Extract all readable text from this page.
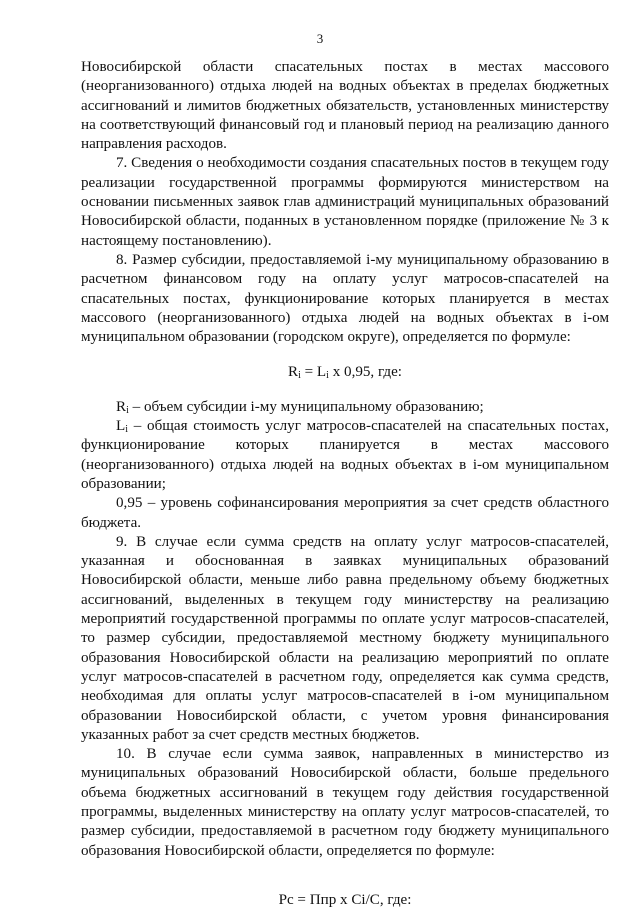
3

Новосибирской области спасательных постах в местах массового (неорганизованного) отдыха людей на водных объектах в пределах бюджетных ассигнований и лимитов бюджетных обязательств, установленных министерству на соответствующий финансовый год и плановый период на реализацию данного направления расходов.

7. Сведения о необходимости создания спасательных постов в текущем году реализации государственной программы формируются министерством на основании письменных заявок глав администраций муниципальных образований Новосибирской области, поданных в установленном порядке (приложение № 3 к настоящему постановлению).

8. Размер субсидии, предоставляемой i-му муниципальному образованию в расчетном финансовом году на оплату услуг матросов-спасателей на спасательных постах, функционирование которых планируется в местах массового (неорганизованного) отдыха людей на водных объектах в i-ом муниципальном образовании (городском округе), определяется по формуле:

$R_i = L_i$ x 0,95, где:

$R_i$ – объем субсидии i-му муниципальному образованию;

$L_i$ – общая стоимость услуг матросов-спасателей на спасательных постах, функционирование которых планируется в местах массового (неорганизованного) отдыха людей на водных объектах в i-ом муниципальном образовании;

0,95 – уровень софинансирования мероприятия за счет средств областного бюджета.

9. В случае если сумма средств на оплату услуг матросов-спасателей, указанная и обоснованная в заявках муниципальных образований Новосибирской области, меньше либо равна предельному объему бюджетных ассигнований, выделенных в текущем году министерству на реализацию мероприятий государственной программы по оплате услуг матросов-спасателей, то размер субсидии, предоставляемой местному бюджету муниципального образования Новосибирской области на реализацию мероприятий по оплате услуг матросов-спасателей в расчетном году, определяется как сумма средств, необходимая для оплаты услуг матросов-спасателей в i-ом муниципальном образовании Новосибирской области, с учетом уровня финансирования указанных работ за счет средств местных бюджетов.

10. В случае если сумма заявок, направленных в министерство из муниципальных образований Новосибирской области, больше предельного объема бюджетных ассигнований в текущем году действия государственной программы, выделенных министерству на оплату услуг матросов-спасателей, то размер субсидии, предоставляемой в расчетном году бюджету муниципального образования Новосибирской области, определяется по формуле:

Рс = Ппр x Ci/C, где:
